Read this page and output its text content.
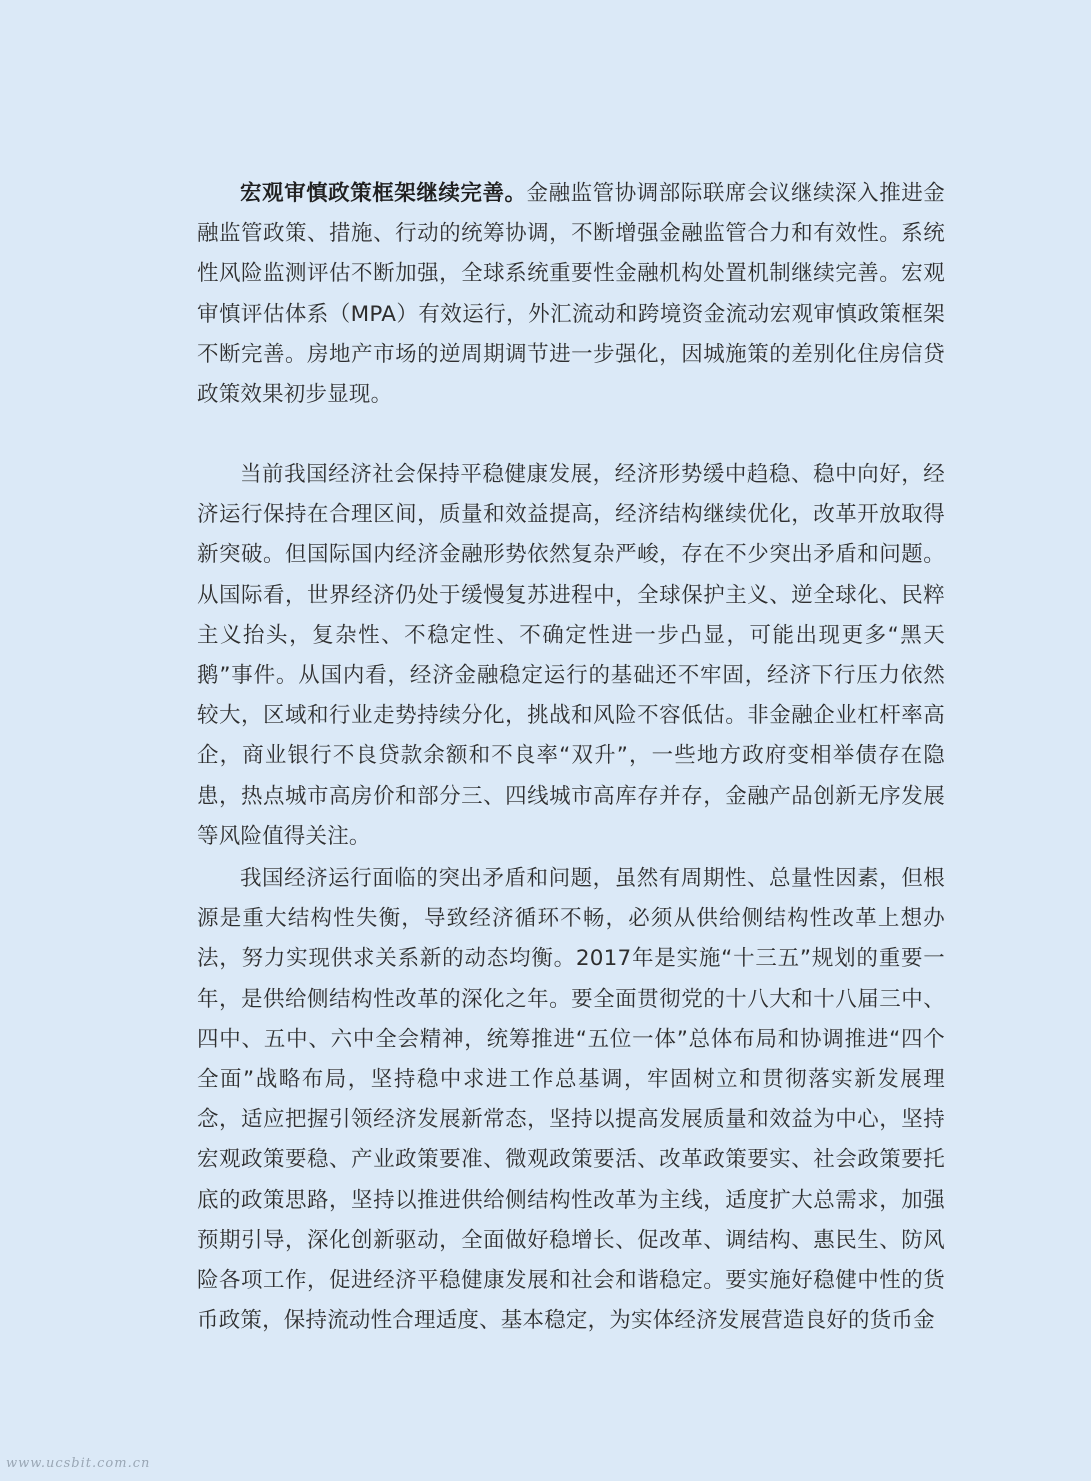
宏观审慎政策框架继续完善。金融监管协调部际联席会议继续深入推进金融监管政策、措施、行动的统筹协调，不断增强金融监管合力和有效性。系统性风险监测评估不断加强，全球系统重要性金融机构处置机制继续完善。宏观审慎评估体系（MPA）有效运行，外汇流动和跨境资金流动宏观审慎政策框架不断完善。房地产市场的逆周期调节进一步强化，因城施策的差别化住房信贷政策效果初步显现。

当前我国经济社会保持平稳健康发展，经济形势缓中趋稳、稳中向好，经济运行保持在合理区间，质量和效益提高，经济结构继续优化，改革开放取得新突破。但国际国内经济金融形势依然复杂严峻，存在不少突出矛盾和问题。从国际看，世界经济仍处于缓慢复苏进程中，全球保护主义、逆全球化、民粹主义抬头，复杂性、不稳定性、不确定性进一步凸显，可能出现更多“黑天鹅”事件。从国内看，经济金融稳定运行的基础还不牢固，经济下行压力依然较大，区域和行业走势持续分化，挑战和风险不容低估。非金融企业杠杆率高企，商业银行不良贷款余额和不良率“双升”，一些地方政府变相举债存在隐患，热点城市高房价和部分三、四线城市高库存并存，金融产品创新无序发展等风险值得关注。

我国经济运行面临的突出矛盾和问题，虽然有周期性、总量性因素，但根源是重大结构性失衡，导致经济循环不畅，必须从供给侧结构性改革上想办法，努力实现供求关系新的动态均衡。2017年是实施“十三五”规划的重要一年，是供给侧结构性改革的深化之年。要全面贯彻党的十八大和十八届三中、四中、五中、六中全会精神，统筹推进“五位一体”总体布局和协调推进“四个全面”战略布局，坚持稳中求进工作总基调，牢固树立和贯彻落实新发展理念，适应把握引领经济发展新常态，坚持以提高发展质量和效益为中心，坚持宏观政策要稳、产业政策要准、微观政策要活、改革政策要实、社会政策要托底的政策思路，坚持以推进供给侧结构性改革为主线，适度扩大总需求，加强预期引导，深化创新驱动，全面做好稳增长、促改革、调结构、惠民生、防风险各项工作，促进经济平稳健康发展和社会和谐稳定。要实施好稳健中性的货币政策，保持流动性合理适度、基本稳定，为实体经济发展营造良好的货币金

www.ucsbit.com.cn
